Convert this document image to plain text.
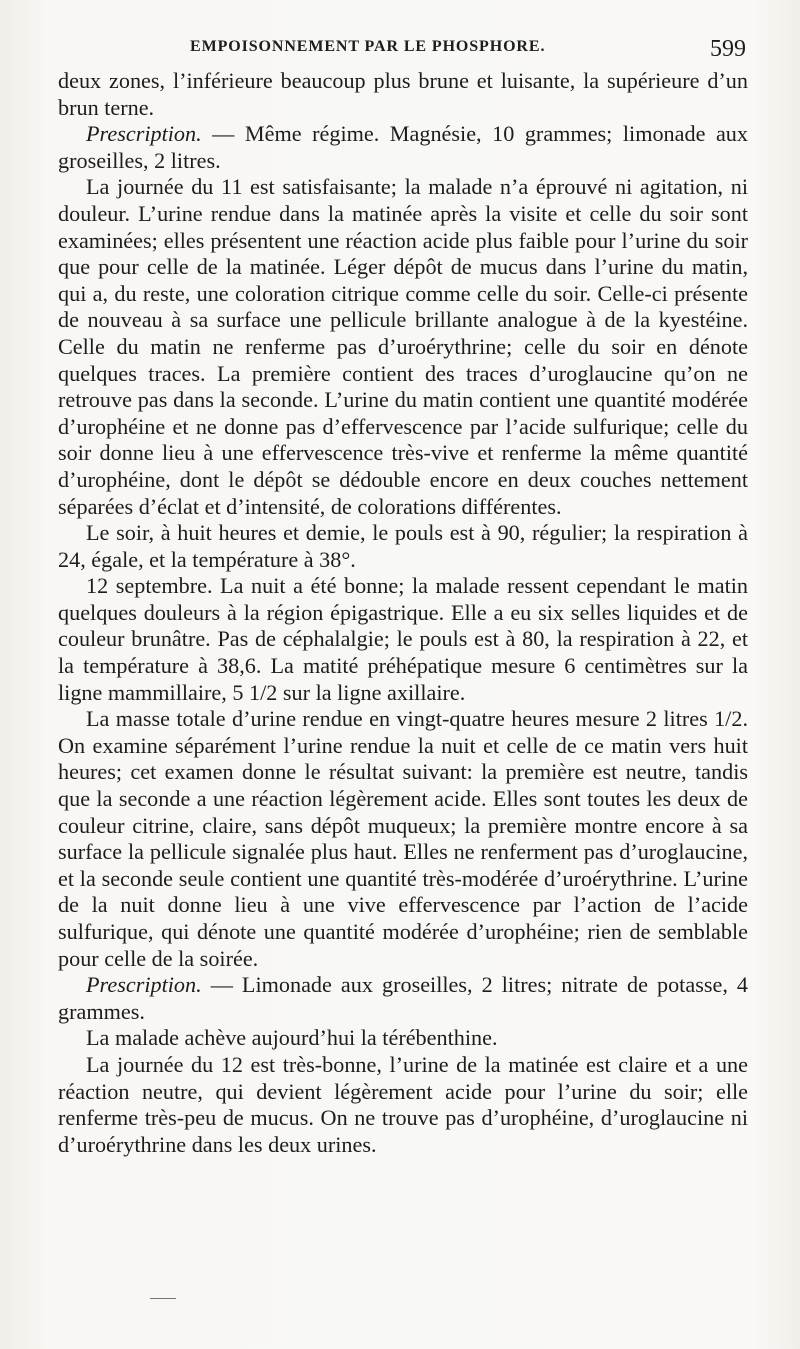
EMPOISONNEMENT PAR LE PHOSPHORE.	599

deux zones, l’inférieure beaucoup plus brune et luisante, la supérieure d’un brun terne.

Prescription. — Même régime. Magnésie, 10 grammes; limonade aux groseilles, 2 litres.

La journée du 11 est satisfaisante; la malade n’a éprouvé ni agitation, ni douleur. L’urine rendue dans la matinée après la visite et celle du soir sont examinées; elles présentent une réaction acide plus faible pour l’urine du soir que pour celle de la matinée. Léger dépôt de mucus dans l’urine du matin, qui a, du reste, une coloration citrique comme celle du soir. Celle-ci présente de nouveau à sa surface une pellicule brillante analogue à de la kyestéine. Celle du matin ne renferme pas d’uroérythrine; celle du soir en dénote quelques traces. La première contient des traces d’uroglaucine qu’on ne retrouve pas dans la seconde. L’urine du matin contient une quantité modérée d’urophéine et ne donne pas d’effervescence par l’acide sulfurique; celle du soir donne lieu à une effervescence très-vive et renferme la même quantité d’urophéine, dont le dépôt se dédouble encore en deux couches nettement séparées d’éclat et d’intensité, de colorations différentes.

Le soir, à huit heures et demie, le pouls est à 90, régulier; la respiration à 24, égale, et la température à 38°.

12 septembre. La nuit a été bonne; la malade ressent cependant le matin quelques douleurs à la région épigastrique. Elle a eu six selles liquides et de couleur brunâtre. Pas de céphalalgie; le pouls est à 80, la respiration à 22, et la température à 38,6. La matité préhépatique mesure 6 centimètres sur la ligne mammillaire, 5 1/2 sur la ligne axillaire.

La masse totale d’urine rendue en vingt-quatre heures mesure 2 litres 1/2. On examine séparément l’urine rendue la nuit et celle de ce matin vers huit heures; cet examen donne le résultat suivant: la première est neutre, tandis que la seconde a une réaction légèrement acide. Elles sont toutes les deux de couleur citrine, claire, sans dépôt muqueux; la première montre encore à sa surface la pellicule signalée plus haut. Elles ne renferment pas d’uroglaucine, et la seconde seule contient une quantité très-modérée d’uroérythrine. L’urine de la nuit donne lieu à une vive effervescence par l’action de l’acide sulfurique, qui dénote une quantité modérée d’urophéine; rien de semblable pour celle de la soirée.

Prescription. — Limonade aux groseilles, 2 litres; nitrate de potasse, 4 grammes.

La malade achève aujourd’hui la térébenthine.

La journée du 12 est très-bonne, l’urine de la matinée est claire et a une réaction neutre, qui devient légèrement acide pour l’urine du soir; elle renferme très-peu de mucus. On ne trouve pas d’urophéine, d’uroglaucine ni d’uroérythrine dans les deux urines.
